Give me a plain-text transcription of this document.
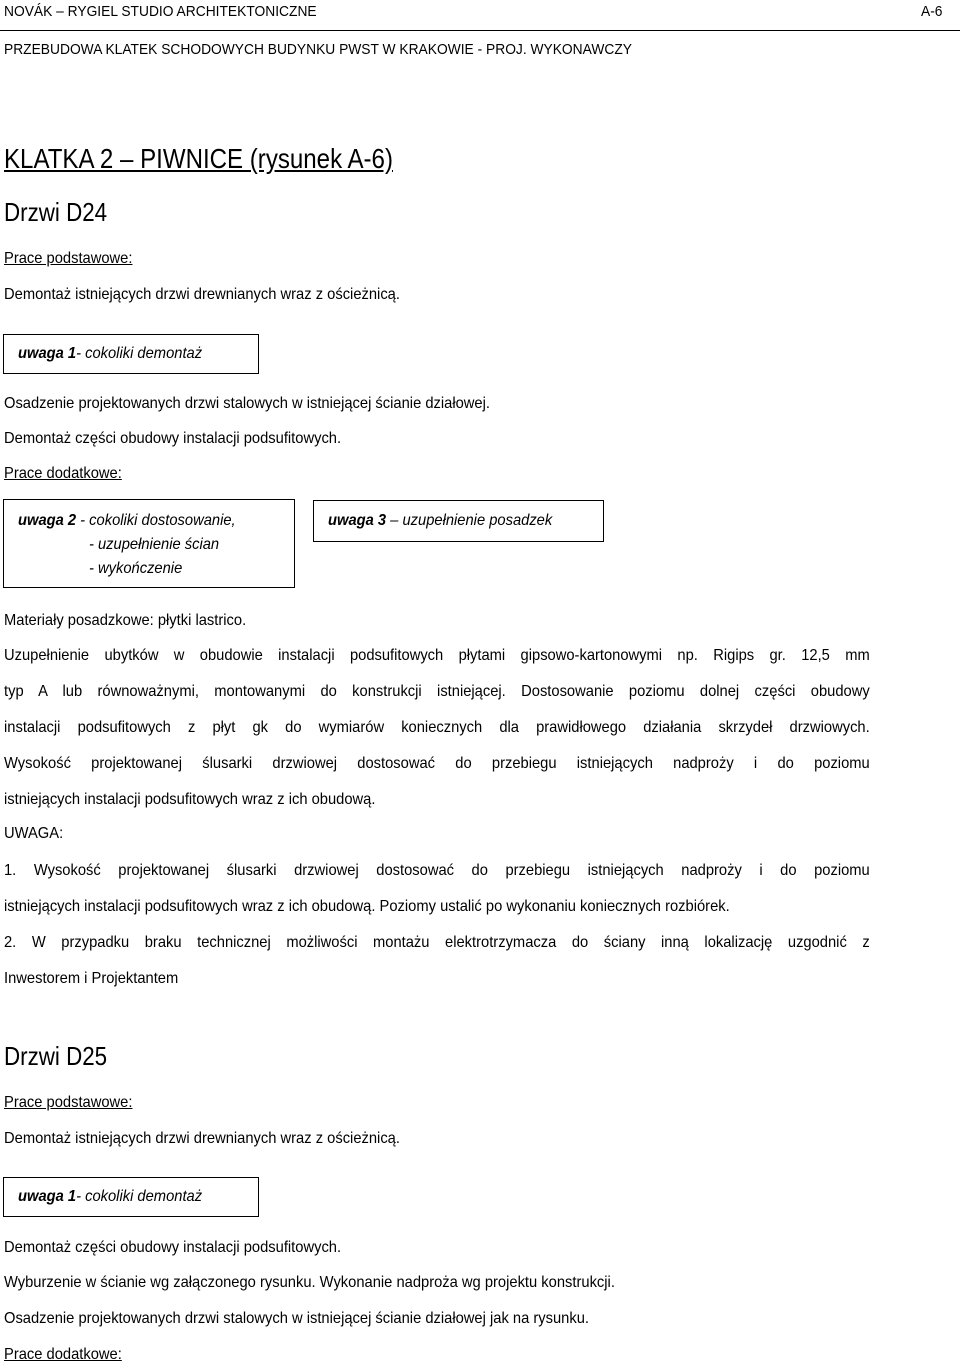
NOVÁK – RYGIEL STUDIO ARCHITEKTONICZNE	A-6
PRZEBUDOWA KLATEK SCHODOWYCH BUDYNKU PWST W KRAKOWIE - PROJ. WYKONAWCZY
KLATKA 2 – PIWNICE (rysunek A-6)
Drzwi D24
Prace podstawowe:
Demontaż istniejących drzwi drewnianych wraz z ościeżnicą.
uwaga 1- cokoliki demontaż
Osadzenie projektowanych drzwi stalowych w istniejącej ścianie działowej.
Demontaż części obudowy instalacji podsufitowych.
Prace dodatkowe:
uwaga 2 - cokoliki dostosowanie,
- uzupełnienie ścian
- wykończenie
uwaga 3 – uzupełnienie posadzek
Materiały posadzkowe: płytki lastrico.
Uzupełnienie ubytków w obudowie instalacji podsufitowych płytami gipsowo-kartonowymi np. Rigips gr. 12,5 mm
typ A lub równoważnymi, montowanymi do konstrukcji istniejącej. Dostosowanie poziomu dolnej części obudowy
instalacji podsufitowych z płyt gk do wymiarów koniecznych dla prawidłowego działania skrzydeł drzwiowych.
Wysokość projektowanej ślusarki drzwiowej dostosować do przebiegu istniejących nadproży i do poziomu
istniejących instalacji podsufitowych wraz z ich obudową.
UWAGA:
1. Wysokość projektowanej ślusarki drzwiowej dostosować do przebiegu istniejących nadproży i do poziomu
istniejących instalacji podsufitowych wraz z ich obudową. Poziomy ustalić po wykonaniu koniecznych rozbiórek.
2. W przypadku braku technicznej możliwości montażu elektrotrzymacza do ściany inną lokalizację uzgodnić z
Inwestorem i Projektantem
Drzwi D25
Prace podstawowe:
Demontaż istniejących drzwi drewnianych wraz z ościeżnicą.
uwaga 1- cokoliki demontaż
Demontaż części obudowy instalacji podsufitowych.
Wyburzenie w ścianie wg załączonego rysunku. Wykonanie nadproża wg projektu konstrukcji.
Osadzenie projektowanych drzwi stalowych w istniejącej ścianie działowej jak na rysunku.
Prace dodatkowe:
